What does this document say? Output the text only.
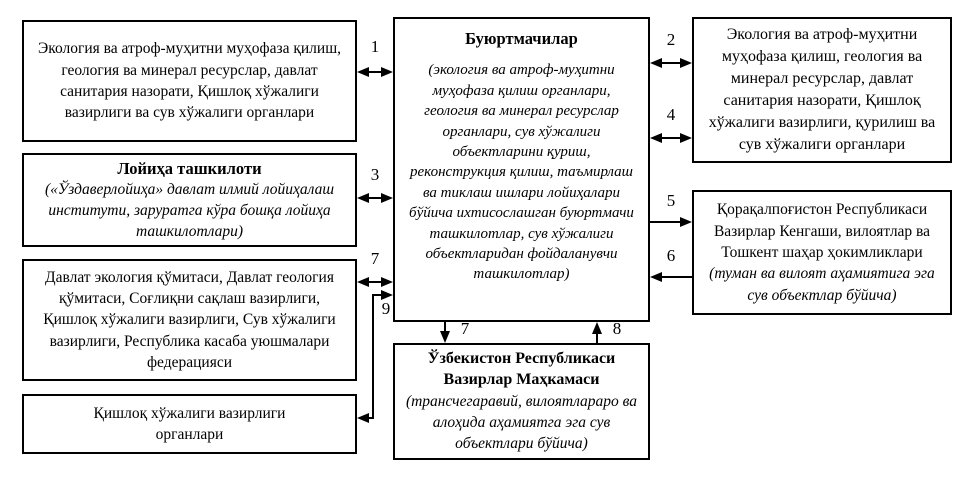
Экология ва атроф-муҳитни муҳофаза қилиш, геология ва минерал ресурслар, давлат санитария назорати, Қишлоқ хўжалиги вазирлиги ва сув хўжалиги органлари
Буюртмачилар
(экология ва атроф-муҳитни муҳофаза қилиш органлари, геология ва минерал ресурслар органлари, сув хўжалиги объектларини қуриш, реконструкция қилиш, таъмирлаш ва тиклаш ишлари лойиҳалари бўйича ихтисослашган буюртмачи ташкилотлар, сув хўжалиги объектларидан фойдаланувчи ташкилотлар)
Экология ва атроф-муҳитни муҳофаза қилиш, геология ва минерал ресурслар, давлат санитария назорати, Қишлоқ хўжалиги вазирлиги, қурилиш ва сув хўжалиги органлари
Лойиҳа ташкилоти
(«Ўздаверлойиҳа» давлат илмий лойиҳалаш институти, заруратга кўра бошқа лойиҳа ташкилотлари)
Қорақалпоғистон Республикаси Вазирлар Кенгаши, вилоятлар ва Тошкент шаҳар ҳокимликлари
(туман ва вилоят аҳамиятига эга сув объектлар бўйича)
Давлат экология қўмитаси, Давлат геология қўмитаси, Соғлиқни сақлаш вазирлиги, Қишлоқ хўжалиги вазирлиги, Сув хўжалиги вазирлиги, Республика касаба уюшмалари федерацияси
Қишлоқ хўжалиги вазирлиги органлари
Ўзбекистон Республикаси Вазирлар Маҳкамаси
(трансчегаравий, вилоятлараро ва алоҳида аҳамиятга эга сув объектлари бўйича)
1	2
3
4
5
6
7
7	8
9
